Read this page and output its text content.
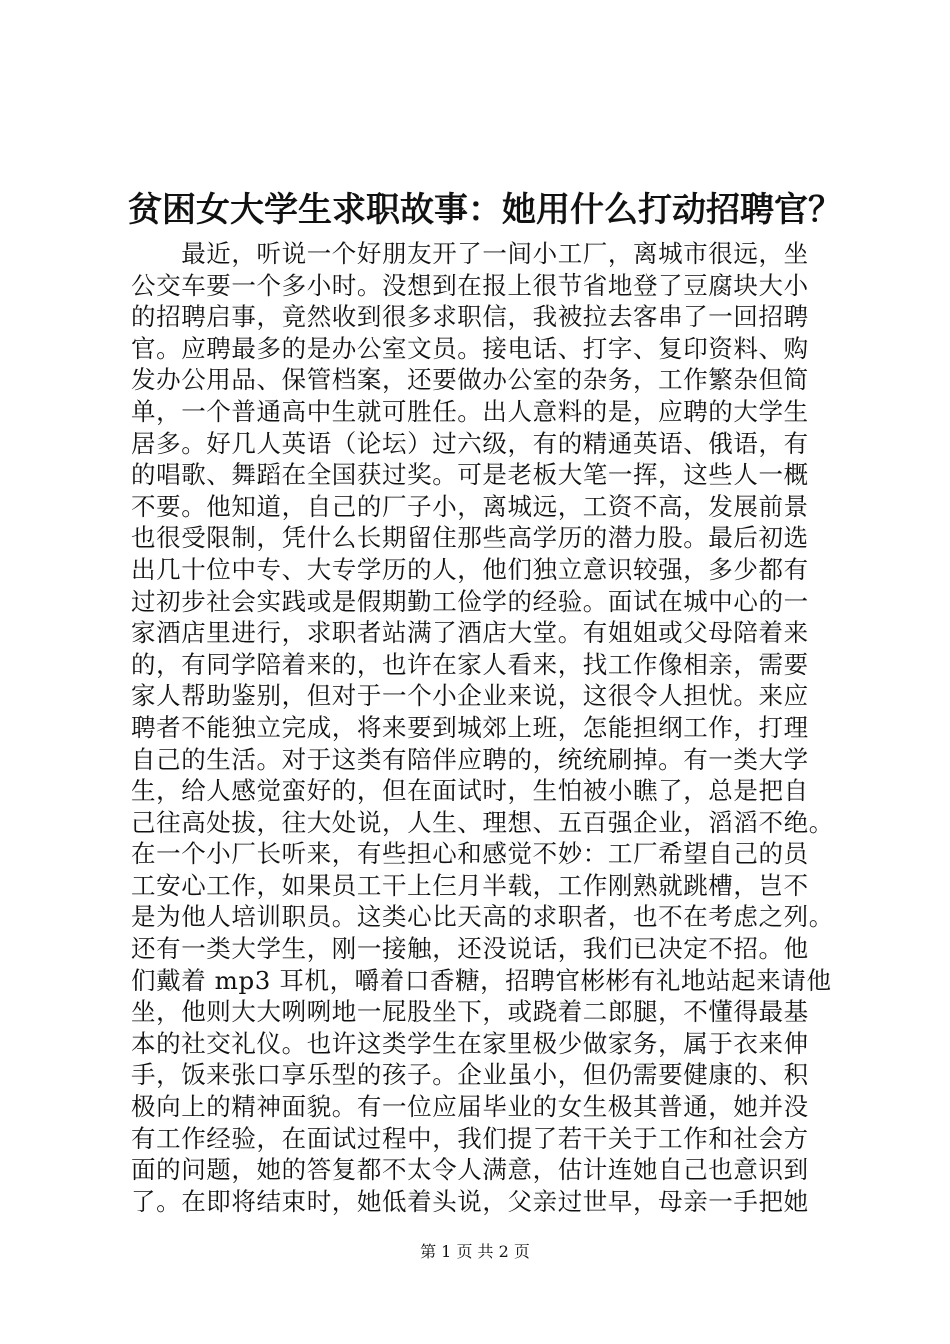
贫困女大学生求职故事：她用什么打动招聘官？
　　最近，听说一个好朋友开了一间小工厂，离城市很远，坐
公交车要一个多小时。没想到在报上很节省地登了豆腐块大小
的招聘启事，竟然收到很多求职信，我被拉去客串了一回招聘
官。应聘最多的是办公室文员。接电话、打字、复印资料、购
发办公用品、保管档案，还要做办公室的杂务，工作繁杂但简
单，一个普通高中生就可胜任。出人意料的是，应聘的大学生
居多。好几人英语（论坛）过六级，有的精通英语、俄语，有
的唱歌、舞蹈在全国获过奖。可是老板大笔一挥，这些人一概
不要。他知道，自己的厂子小，离城远，工资不高，发展前景
也很受限制，凭什么长期留住那些高学历的潜力股。最后初选
出几十位中专、大专学历的人，他们独立意识较强，多少都有
过初步社会实践或是假期勤工俭学的经验。面试在城中心的一
家酒店里进行，求职者站满了酒店大堂。有姐姐或父母陪着来
的，有同学陪着来的，也许在家人看来，找工作像相亲，需要
家人帮助鉴别，但对于一个小企业来说，这很令人担忧。来应
聘者不能独立完成，将来要到城郊上班，怎能担纲工作，打理
自己的生活。对于这类有陪伴应聘的，统统刷掉。有一类大学
生，给人感觉蛮好的，但在面试时，生怕被小瞧了，总是把自
己往高处拔，往大处说，人生、理想、五百强企业，滔滔不绝。
在一个小厂长听来，有些担心和感觉不妙：工厂希望自己的员
工安心工作，如果员工干上仨月半载，工作刚熟就跳槽，岂不
是为他人培训职员。这类心比天高的求职者，也不在考虑之列。
还有一类大学生，刚一接触，还没说话，我们已决定不招。他
们戴着 mp3 耳机，嚼着口香糖，招聘官彬彬有礼地站起来请他
坐，他则大大咧咧地一屁股坐下，或跷着二郎腿，不懂得最基
本的社交礼仪。也许这类学生在家里极少做家务，属于衣来伸
手，饭来张口享乐型的孩子。企业虽小，但仍需要健康的、积
极向上的精神面貌。有一位应届毕业的女生极其普通，她并没
有工作经验，在面试过程中，我们提了若干关于工作和社会方
面的问题，她的答复都不太令人满意，估计连她自己也意识到
了。在即将结束时，她低着头说，父亲过世早，母亲一手把她
第 1 页 共 2 页
